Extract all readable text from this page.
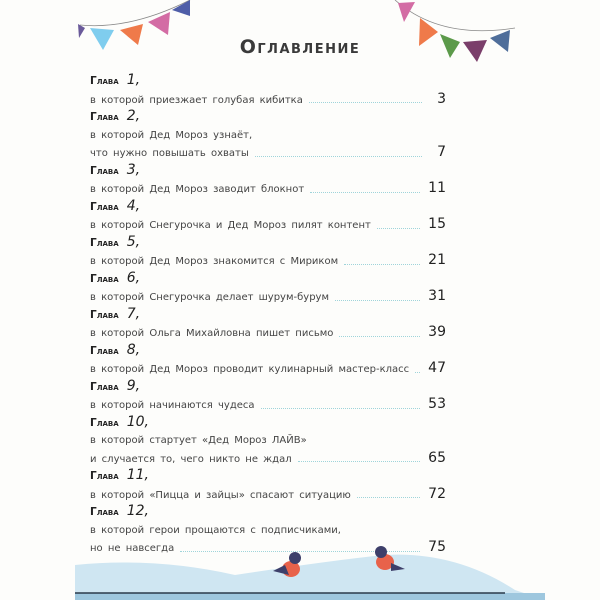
Оглавление
Глава 1,
в которой приезжает голубая кибитка	3
Глава 2,
в которой Дед Мороз узнаёт,
что нужно повышать охваты	7
Глава 3,
в которой Дед Мороз заводит блокнот	11
Глава 4,
в которой Снегурочка и Дед Мороз пилят контент	15
Глава 5,
в которой Дед Мороз знакомится с Мириком	21
Глава 6,
в которой Снегурочка делает шурум-бурум	31
Глава 7,
в которой Ольга Михайловна пишет письмо	39
Глава 8,
в которой Дед Мороз проводит кулинарный мастер-класс 47
Глава 9,
в которой начинаются чудеса	53
Глава 10,
в которой стартует «Дед Мороз ЛАЙВ»
и случается то, чего никто не ждал	65
Глава 11,
в которой «Пицца и зайцы» спасают ситуацию	72
Глава 12,
в которой герои прощаются с подписчиками,
но не навсегда	75
